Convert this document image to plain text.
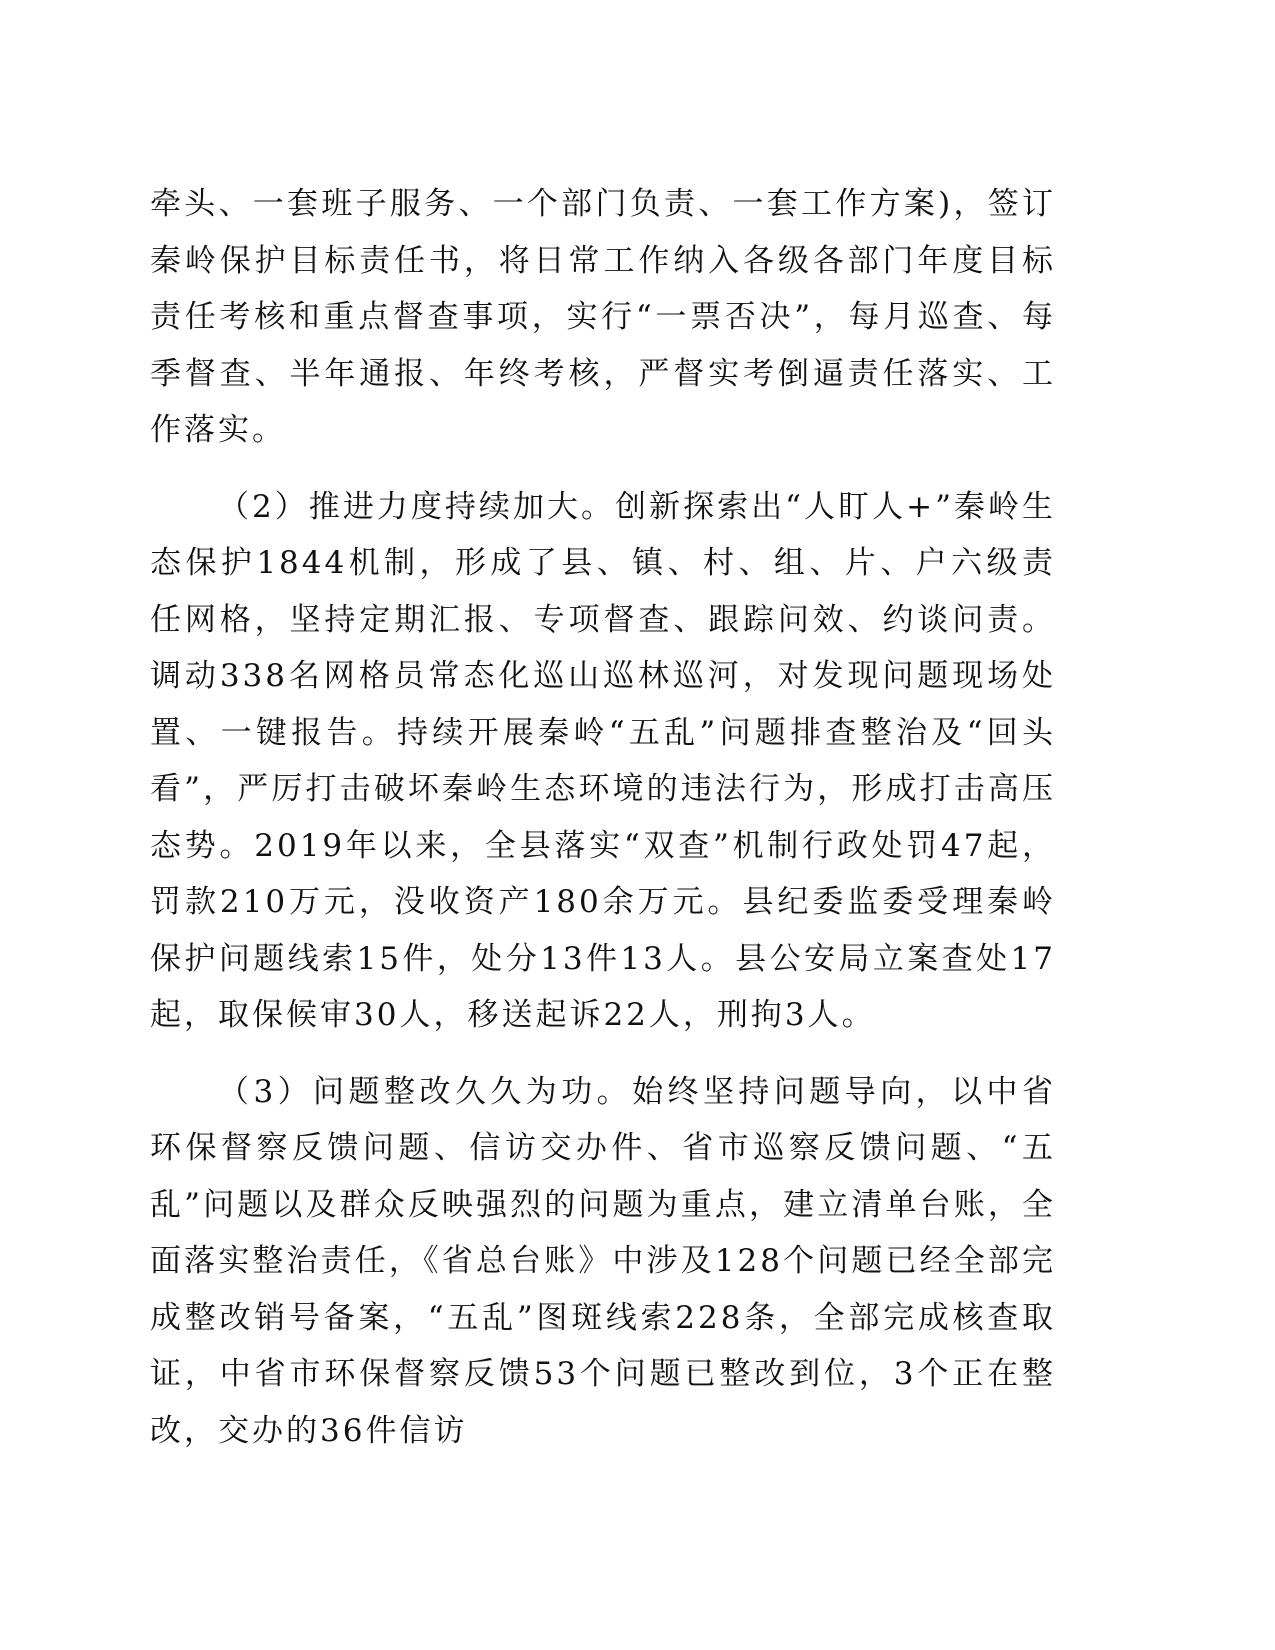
牵头、一套班子服务、一个部门负责、一套工作方案)，签订秦岭保护目标责任书，将日常工作纳入各级各部门年度目标责任考核和重点督查事项，实行“一票否决”，每月巡查、每季督查、半年通报、年终考核，严督实考倒逼责任落实、工作落实。

（2）推进力度持续加大。创新探索出“人盯人+”秦岭生态保护1844机制，形成了县、镇、村、组、片、户六级责任网格，坚持定期汇报、专项督查、跟踪问效、约谈问责。调动338名网格员常态化巡山巡林巡河，对发现问题现场处置、一键报告。持续开展秦岭“五乱”问题排查整治及“回头看”，严厉打击破坏秦岭生态环境的违法行为，形成打击高压态势。2019年以来，全县落实“双查”机制行政处罚47起，罚款210万元，没收资产180余万元。县纪委监委受理秦岭保护问题线索15件，处分13件13人。县公安局立案查处17起，取保候审30人，移送起诉22人，刑拘3人。

（3）问题整改久久为功。始终坚持问题导向，以中省环保督察反馈问题、信访交办件、省市巡察反馈问题、“五乱”问题以及群众反映强烈的问题为重点，建立清单台账，全面落实整治责任，《省总台账》中涉及128个问题已经全部完成整改销号备案，“五乱”图斑线索228条，全部完成核查取证，中省市环保督察反馈53个问题已整改到位，3个正在整改，交办的36件信访
